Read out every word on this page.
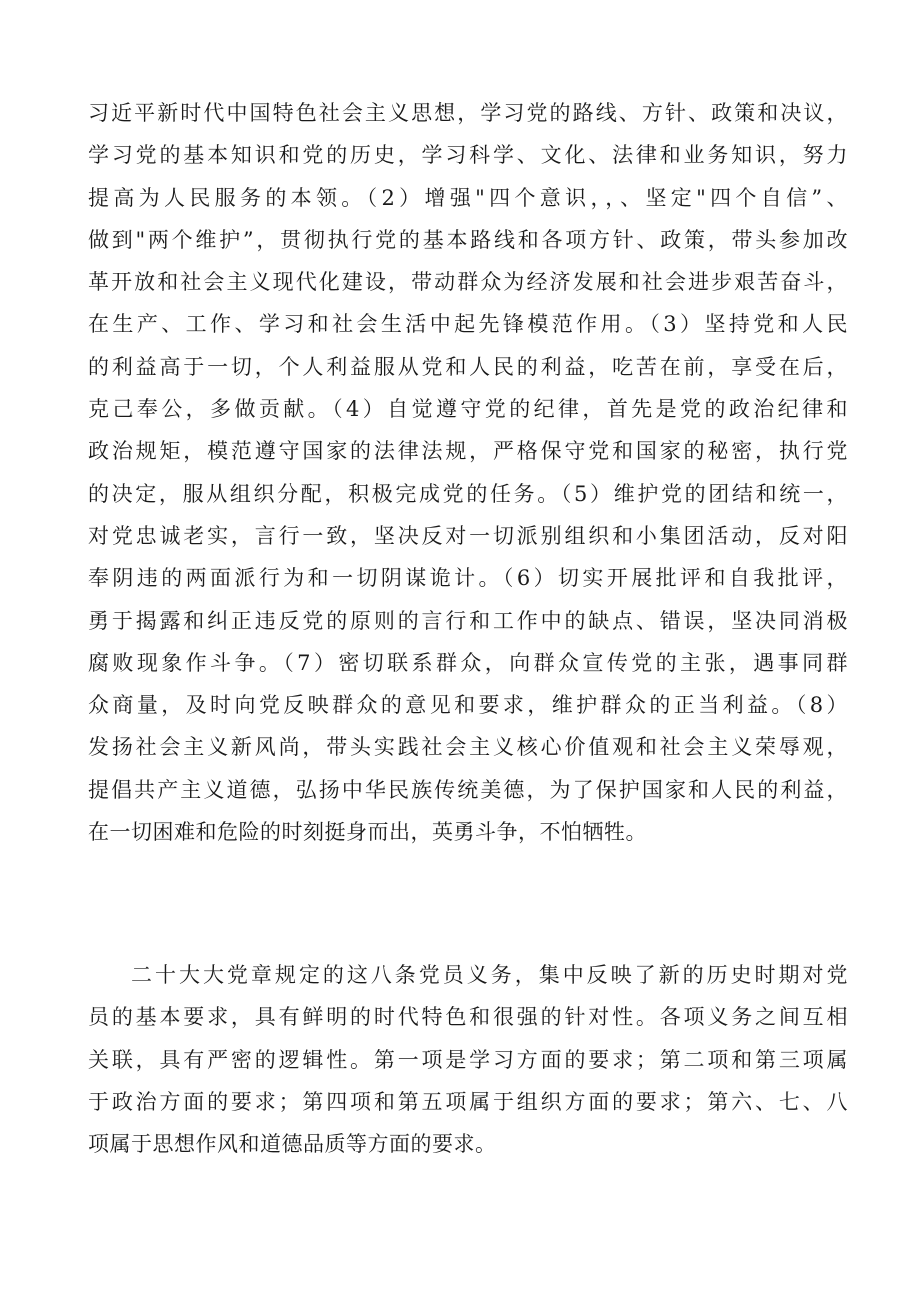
习近平新时代中国特色社会主义思想，学习党的路线、方针、政策和决议，
学习党的基本知识和党的历史，学习科学、文化、法律和业务知识，努力
提高为人民服务的本领。（2）增强"四个意识，，、坚定"四个自信”、
做到"两个维护”，贯彻执行党的基本路线和各项方针、政策，带头参加改
革开放和社会主义现代化建设，带动群众为经济发展和社会进步艰苦奋斗，
在生产、工作、学习和社会生活中起先锋模范作用。（3）坚持党和人民
的利益高于一切，个人利益服从党和人民的利益，吃苦在前，享受在后，
克己奉公，多做贡献。（4）自觉遵守党的纪律，首先是党的政治纪律和
政治规矩，模范遵守国家的法律法规，严格保守党和国家的秘密，执行党
的决定，服从组织分配，积极完成党的任务。（5）维护党的团结和统一，
对党忠诚老实，言行一致，坚决反对一切派别组织和小集团活动，反对阳
奉阴违的两面派行为和一切阴谋诡计。（6）切实开展批评和自我批评，
勇于揭露和纠正违反党的原则的言行和工作中的缺点、错误，坚决同消极
腐败现象作斗争。（7）密切联系群众，向群众宣传党的主张，遇事同群
众商量，及时向党反映群众的意见和要求，维护群众的正当利益。（8）
发扬社会主义新风尚，带头实践社会主义核心价值观和社会主义荣辱观，
提倡共产主义道德，弘扬中华民族传统美德，为了保护国家和人民的利益，
在一切困难和危险的时刻挺身而出，英勇斗争，不怕牺牲。
二十大大党章规定的这八条党员义务，集中反映了新的历史时期对党
员的基本要求，具有鲜明的时代特色和很强的针对性。各项义务之间互相
关联，具有严密的逻辑性。第一项是学习方面的要求；第二项和第三项属
于政治方面的要求；第四项和第五项属于组织方面的要求；第六、七、八
项属于思想作风和道德品质等方面的要求。
